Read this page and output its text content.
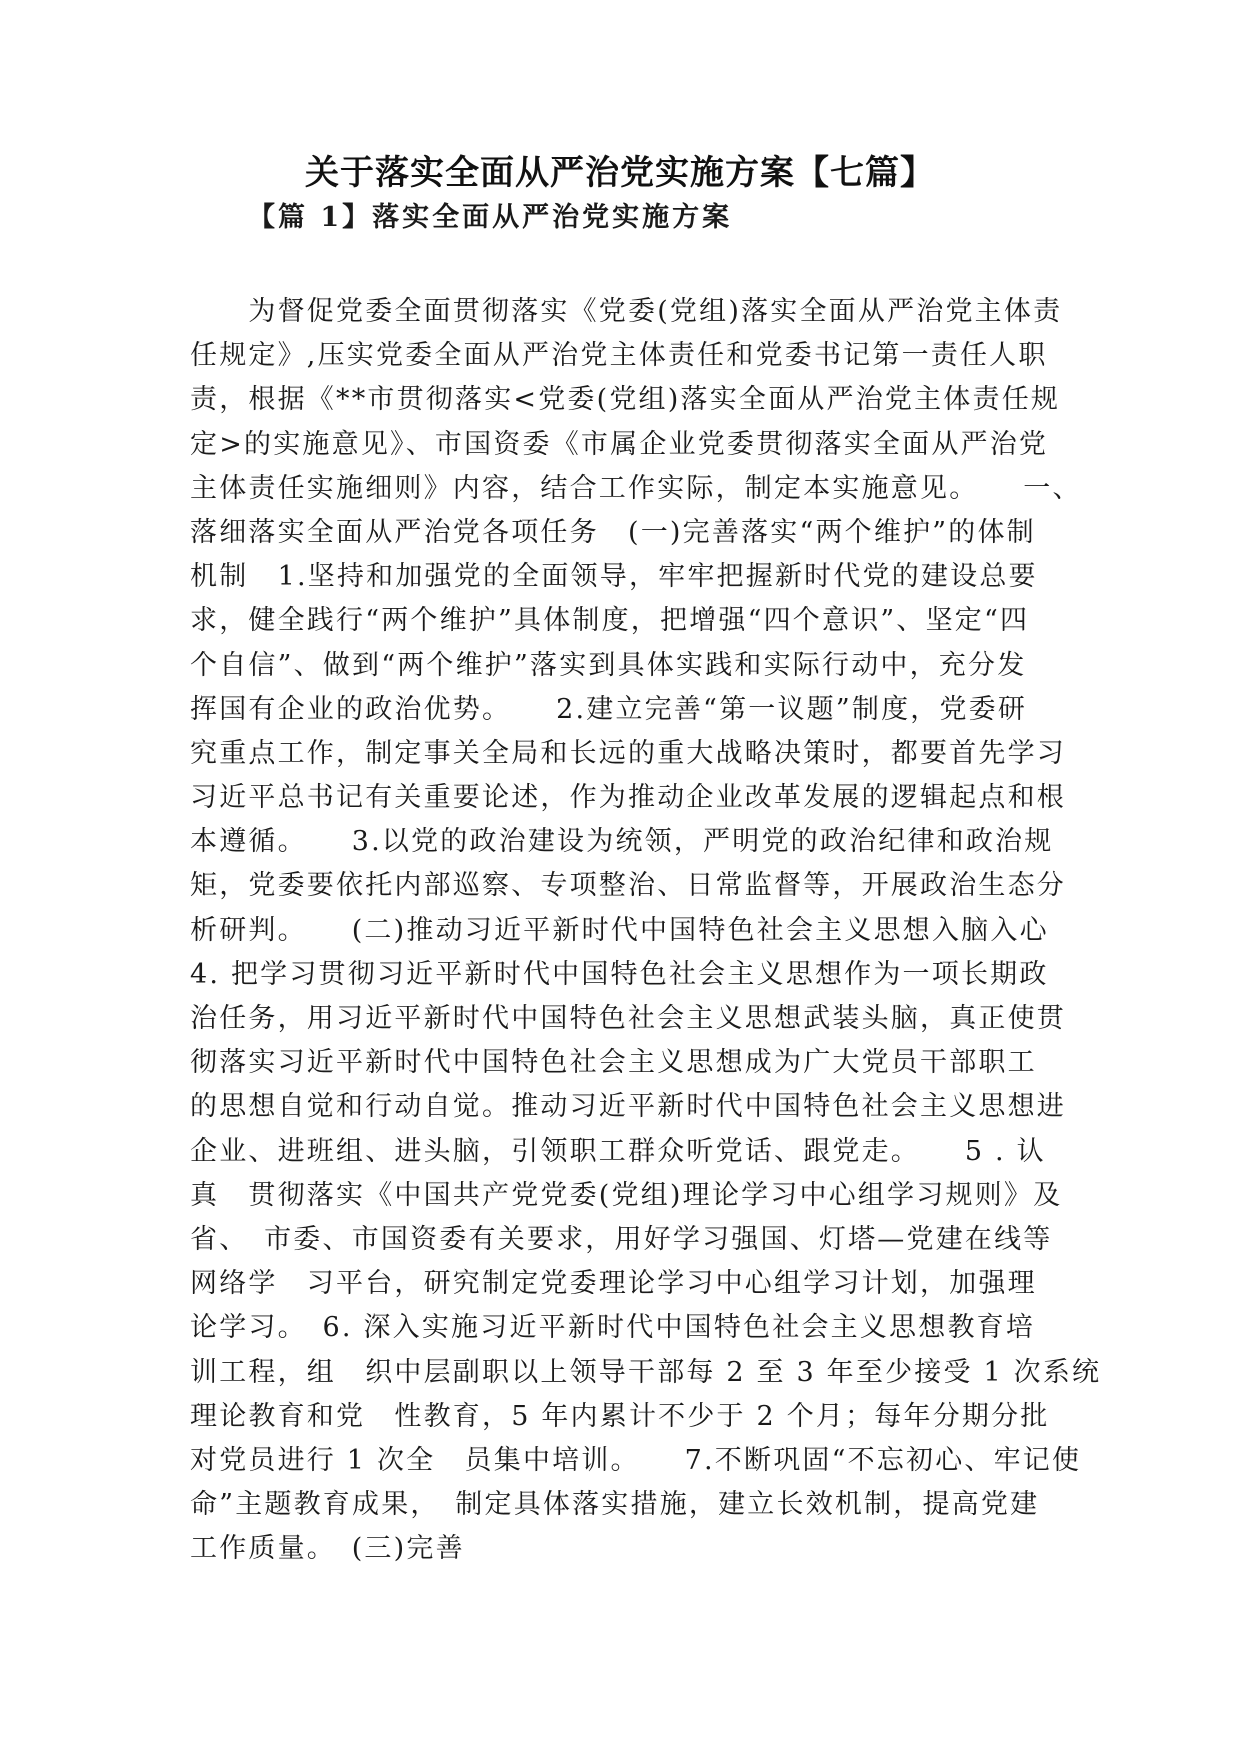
关于落实全面从严治党实施方案【七篇】
【篇 1】落实全面从严治党实施方案
　　为督促党委全面贯彻落实《党委(党组)落实全面从严治党主体责
任规定》,压实党委全面从严治党主体责任和党委书记第一责任人职
责，根据《**市贯彻落实<党委(党组)落实全面从严治党主体责任规
定>的实施意见》、市国资委《市属企业党委贯彻落实全面从严治党
主体责任实施细则》内容，结合工作实际，制定本实施意见。　　一、
落细落实全面从严治党各项任务　(一)完善落实“两个维护”的体制
机制　1.坚持和加强党的全面领导，牢牢把握新时代党的建设总要
求，健全践行“两个维护”具体制度，把增强“四个意识”、坚定“四
个自信”、做到“两个维护”落实到具体实践和实际行动中，充分发
挥国有企业的政治优势。　　2.建立完善“第一议题”制度，党委研
究重点工作，制定事关全局和长远的重大战略决策时，都要首先学习
习近平总书记有关重要论述，作为推动企业改革发展的逻辑起点和根
本遵循。　　3.以党的政治建设为统领，严明党的政治纪律和政治规
矩，党委要依托内部巡察、专项整治、日常监督等，开展政治生态分
析研判。　　(二)推动习近平新时代中国特色社会主义思想入脑入心
4. 把学习贯彻习近平新时代中国特色社会主义思想作为一项长期政
治任务，用习近平新时代中国特色社会主义思想武装头脑，真正使贯
彻落实习近平新时代中国特色社会主义思想成为广大党员干部职工
的思想自觉和行动自觉。推动习近平新时代中国特色社会主义思想进
企业、进班组、进头脑，引领职工群众听党话、跟党走。　　5 . 认
真　贯彻落实《中国共产党党委(党组)理论学习中心组学习规则》及
省、　市委、市国资委有关要求，用好学习强国、灯塔—党建在线等
网络学　习平台，研究制定党委理论学习中心组学习计划，加强理
论学习。　6. 深入实施习近平新时代中国特色社会主义思想教育培
训工程，组　织中层副职以上领导干部每 2 至 3 年至少接受 1 次系统
理论教育和党　性教育，5 年内累计不少于 2 个月；每年分期分批
对党员进行 1 次全　员集中培训。　　7.不断巩固“不忘初心、牢记使
命”主题教育成果，　制定具体落实措施，建立长效机制，提高党建
工作质量。　(三)完善
